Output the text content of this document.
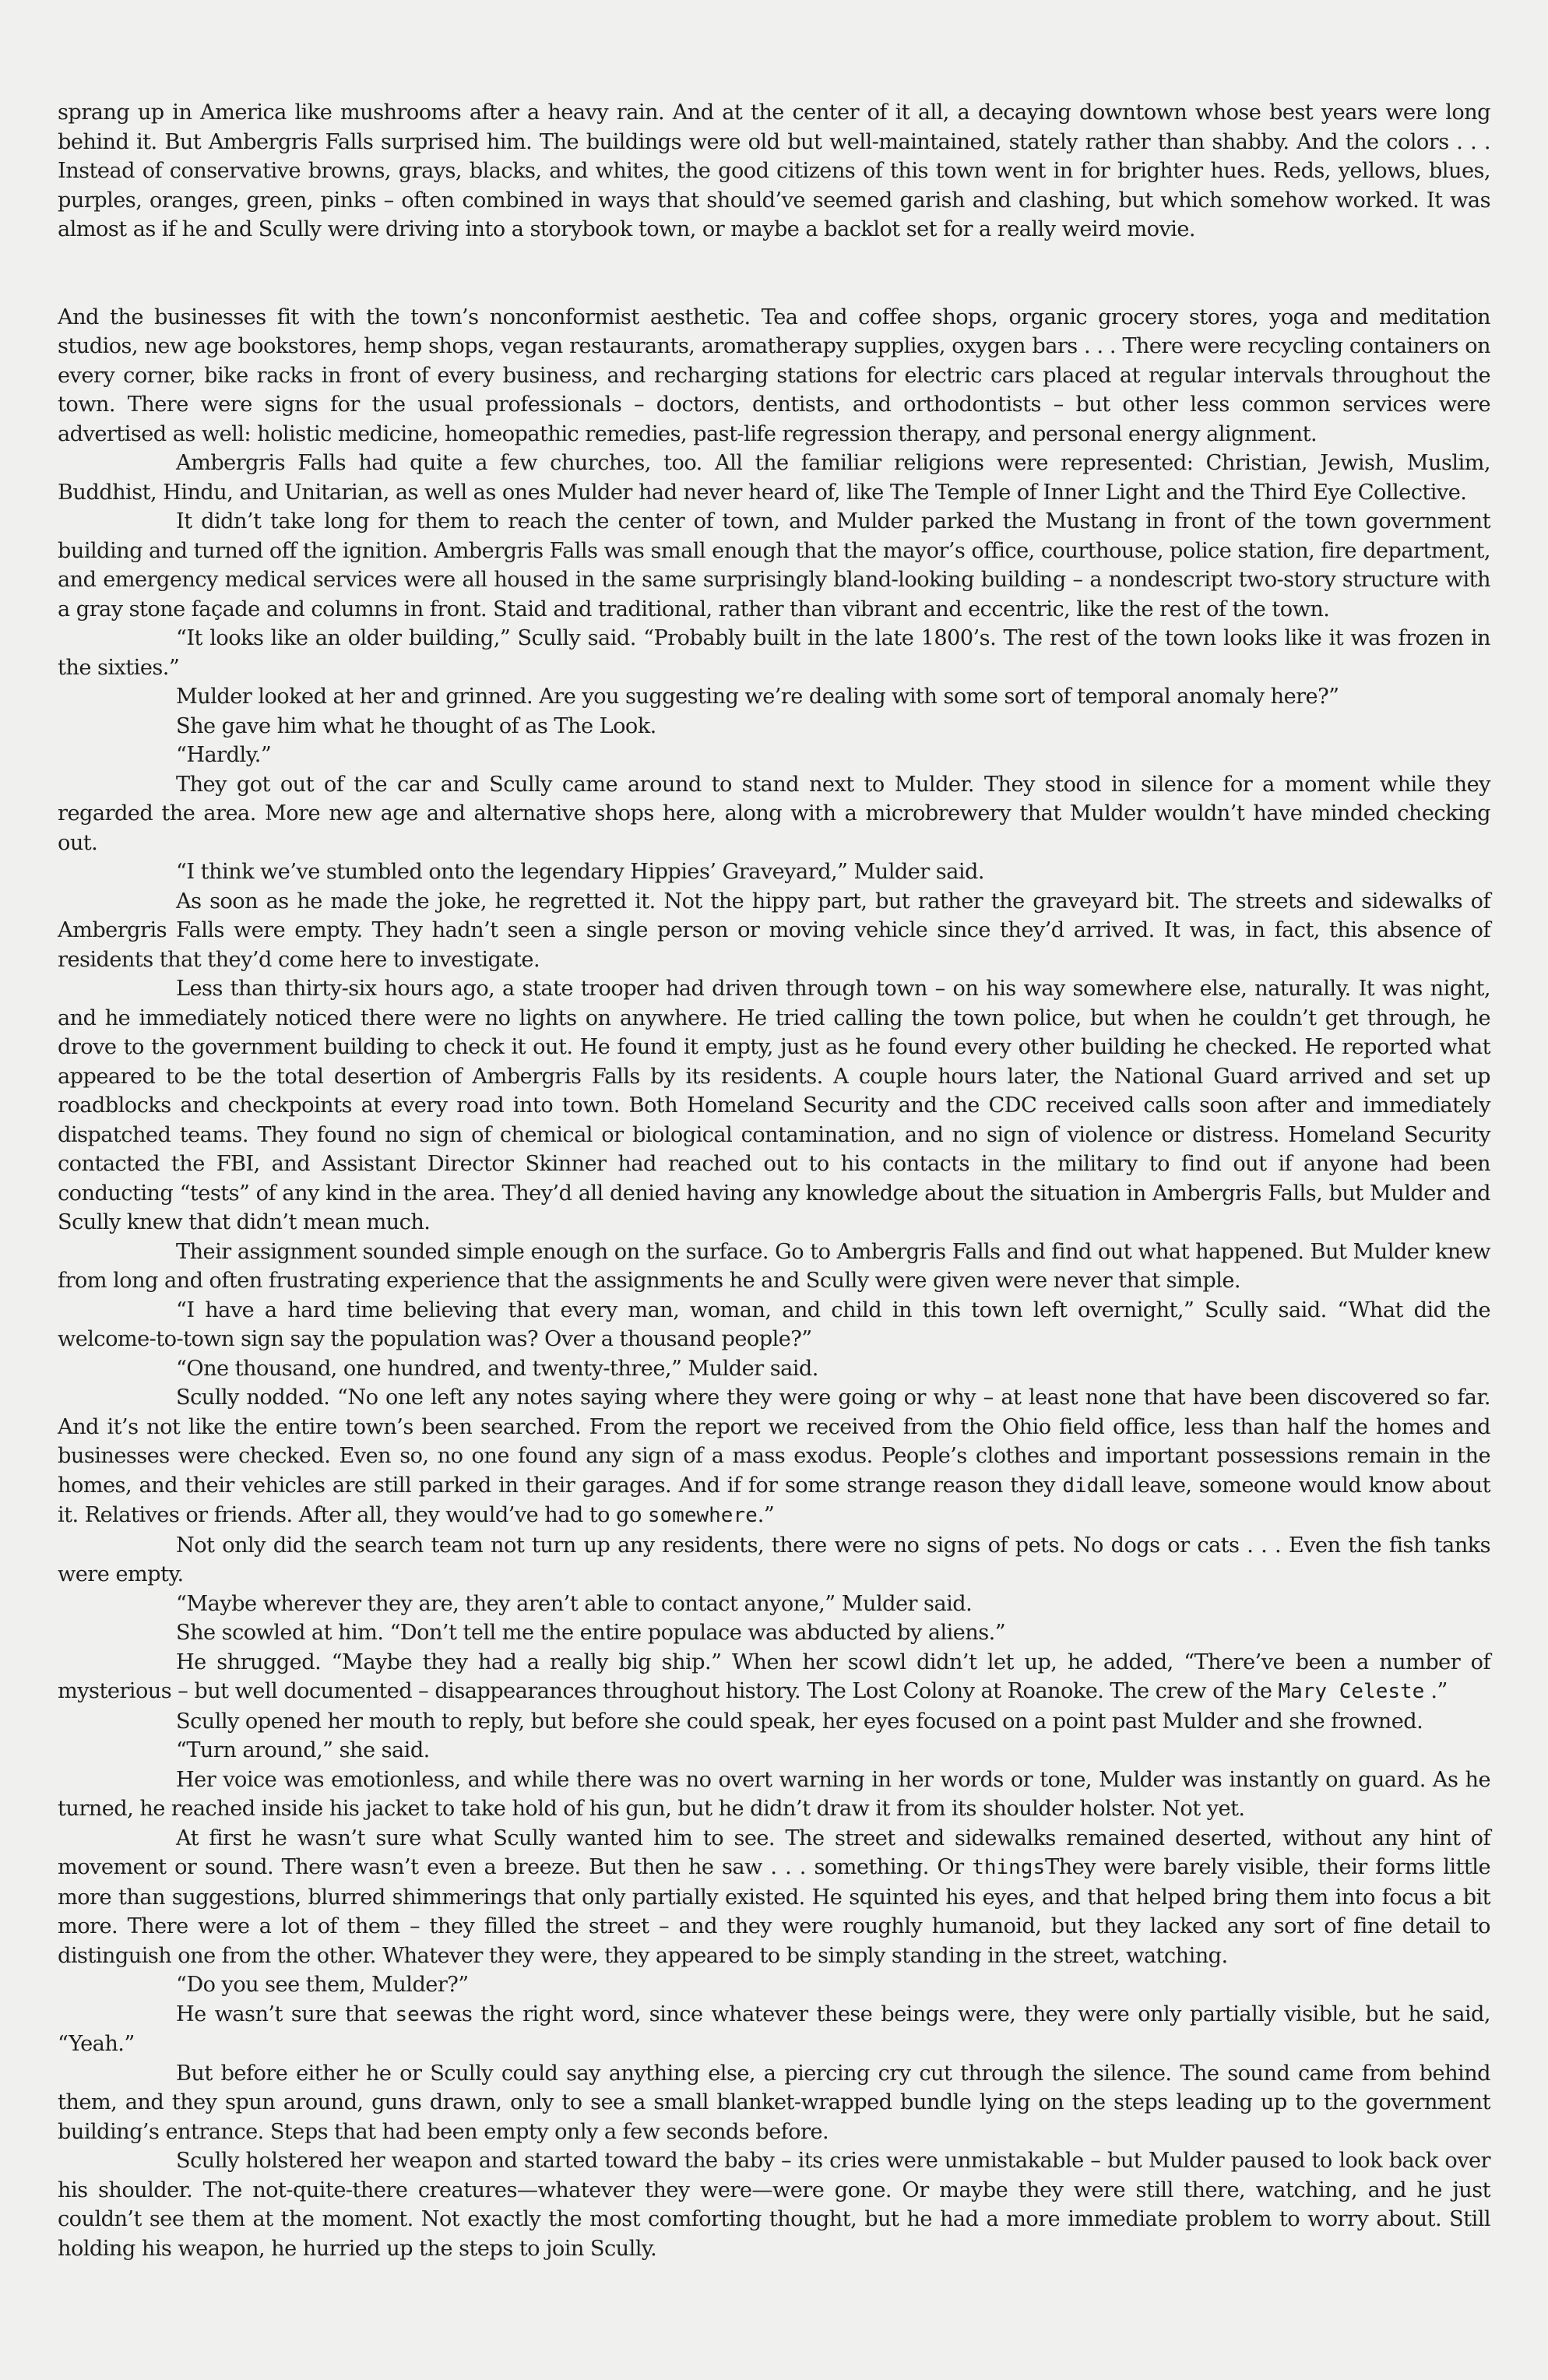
sprang up in America like mushrooms after a heavy rain. And at the center of it all, a decaying downtown whose best years were long behind it. But Ambergris Falls surprised him. The buildings were old but well-maintained, stately rather than shabby. And the colors . . . Instead of conservative browns, grays, blacks, and whites, the good citizens of this town went in for brighter hues. Reds, yellows, blues, purples, oranges, green, pinks – often combined in ways that should’ve seemed garish and clashing, but which somehow worked. It was almost as if he and Scully were driving into a storybook town, or maybe a backlot set for a really weird movie.

And the businesses fit with the town’s nonconformist aesthetic. Tea and coffee shops, organic grocery stores, yoga and meditation studios, new age bookstores, hemp shops, vegan restaurants, aromatherapy supplies, oxygen bars . . . There were recycling containers on every corner, bike racks in front of every business, and recharging stations for electric cars placed at regular intervals throughout the town. There were signs for the usual professionals – doctors, dentists, and orthodontists – but other less common services were advertised as well: holistic medicine, homeopathic remedies, past-life regression therapy, and personal energy alignment.

Ambergris Falls had quite a few churches, too. All the familiar religions were represented: Christian, Jewish, Muslim, Buddhist, Hindu, and Unitarian, as well as ones Mulder had never heard of, like The Temple of Inner Light and the Third Eye Collective.

It didn’t take long for them to reach the center of town, and Mulder parked the Mustang in front of the town government building and turned off the ignition. Ambergris Falls was small enough that the mayor’s office, courthouse, police station, fire department, and emergency medical services were all housed in the same surprisingly bland-looking building – a nondescript two-story structure with a gray stone façade and columns in front. Staid and traditional, rather than vibrant and eccentric, like the rest of the town.

“It looks like an older building,” Scully said. “Probably built in the late 1800’s. The rest of the town looks like it was frozen in the sixties.”

Mulder looked at her and grinned. Are you suggesting we’re dealing with some sort of temporal anomaly here?”

She gave him what he thought of as The Look.

“Hardly.”

They got out of the car and Scully came around to stand next to Mulder. They stood in silence for a moment while they regarded the area. More new age and alternative shops here, along with a microbrewery that Mulder wouldn’t have minded checking out.

“I think we’ve stumbled onto the legendary Hippies’ Graveyard,” Mulder said.

As soon as he made the joke, he regretted it. Not the hippy part, but rather the graveyard bit. The streets and sidewalks of Ambergris Falls were empty. They hadn’t seen a single person or moving vehicle since they’d arrived. It was, in fact, this absence of residents that they’d come here to investigate.

Less than thirty-six hours ago, a state trooper had driven through town – on his way somewhere else, naturally. It was night, and he immediately noticed there were no lights on anywhere. He tried calling the town police, but when he couldn’t get through, he drove to the government building to check it out. He found it empty, just as he found every other building he checked. He reported what appeared to be the total desertion of Ambergris Falls by its residents. A couple hours later, the National Guard arrived and set up roadblocks and checkpoints at every road into town. Both Homeland Security and the CDC received calls soon after and immediately dispatched teams. They found no sign of chemical or biological contamination, and no sign of violence or distress. Homeland Security contacted the FBI, and Assistant Director Skinner had reached out to his contacts in the military to find out if anyone had been conducting “tests” of any kind in the area. They’d all denied having any knowledge about the situation in Ambergris Falls, but Mulder and Scully knew that didn’t mean much.

Their assignment sounded simple enough on the surface. Go to Ambergris Falls and find out what happened. But Mulder knew from long and often frustrating experience that the assignments he and Scully were given were never that simple.

“I have a hard time believing that every man, woman, and child in this town left overnight,” Scully said. “What did the welcome-to-town sign say the population was? Over a thousand people?”

“One thousand, one hundred, and twenty-three,” Mulder said.

Scully nodded. “No one left any notes saying where they were going or why – at least none that have been discovered so far. And it’s not like the entire town’s been searched. From the report we received from the Ohio field office, less than half the homes and businesses were checked. Even so, no one found any sign of a mass exodus. People’s clothes and important possessions remain in the homes, and their vehicles are still parked in their garages. And if for some strange reason they didall leave, someone would know about it. Relatives or friends. After all, they would’ve had to go somewhere.”

Not only did the search team not turn up any residents, there were no signs of pets. No dogs or cats . . . Even the fish tanks were empty.

“Maybe wherever they are, they aren’t able to contact anyone,” Mulder said.

She scowled at him. “Don’t tell me the entire populace was abducted by aliens.”

He shrugged. “Maybe they had a really big ship.” When her scowl didn’t let up, he added, “There’ve been a number of mysterious – but well documented – disappearances throughout history. The Lost Colony at Roanoke. The crew of the Mary Celeste .”

Scully opened her mouth to reply, but before she could speak, her eyes focused on a point past Mulder and she frowned.

“Turn around,” she said.

Her voice was emotionless, and while there was no overt warning in her words or tone, Mulder was instantly on guard. As he turned, he reached inside his jacket to take hold of his gun, but he didn’t draw it from its shoulder holster. Not yet.

At first he wasn’t sure what Scully wanted him to see. The street and sidewalks remained deserted, without any hint of movement or sound. There wasn’t even a breeze. But then he saw . . . something. Or thingsThey were barely visible, their forms little more than suggestions, blurred shimmerings that only partially existed. He squinted his eyes, and that helped bring them into focus a bit more. There were a lot of them – they filled the street – and they were roughly humanoid, but they lacked any sort of fine detail to distinguish one from the other. Whatever they were, they appeared to be simply standing in the street, watching.

“Do you see them, Mulder?”

He wasn’t sure that seewas the right word, since whatever these beings were, they were only partially visible, but he said, “Yeah.”

But before either he or Scully could say anything else, a piercing cry cut through the silence. The sound came from behind them, and they spun around, guns drawn, only to see a small blanket-wrapped bundle lying on the steps leading up to the government building’s entrance. Steps that had been empty only a few seconds before.

Scully holstered her weapon and started toward the baby – its cries were unmistakable – but Mulder paused to look back over his shoulder. The not-quite-there creatures—whatever they were—were gone. Or maybe they were still there, watching, and he just couldn’t see them at the moment. Not exactly the most comforting thought, but he had a more immediate problem to worry about. Still holding his weapon, he hurried up the steps to join Scully.
